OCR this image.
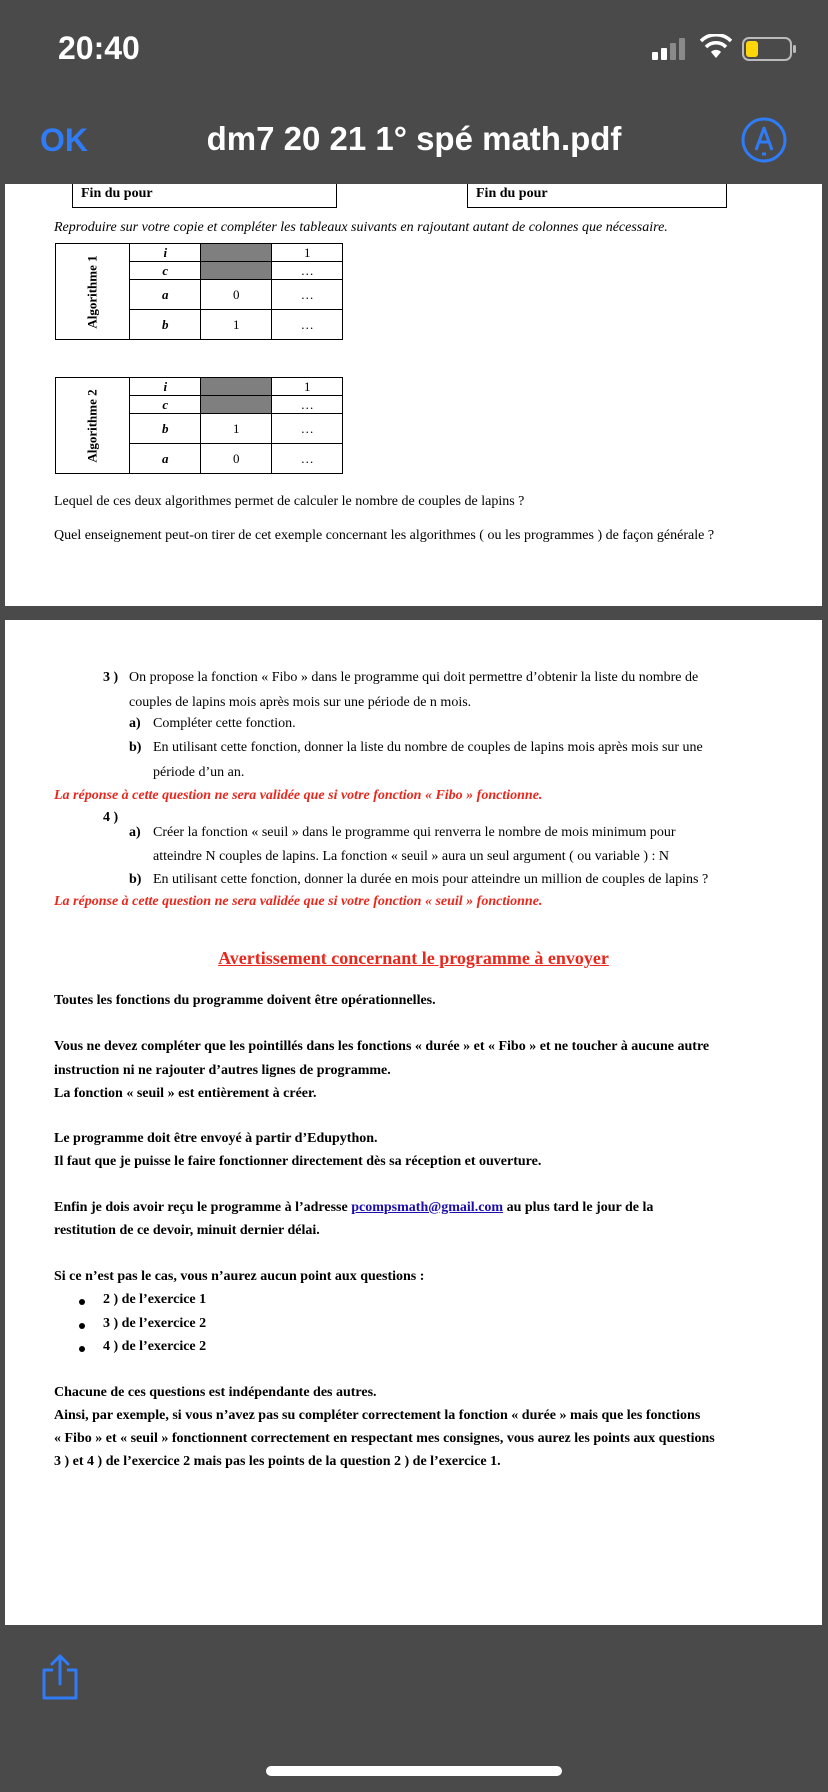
20:40
OK	dm7 20 21 1° spé math.pdf
Fin du pour	Fin du pour
Reproduire sur votre copie et compléter les tableaux suivants en rajoutant autant de colonnes que nécessaire.
Algorithme 1	i		1
	c		…
	a	0	…
	b	1	…
Algorithme 2	i		1
	c		…
	b	1	…
	a	0	…
Lequel de ces deux algorithmes permet de calculer le nombre de couples de lapins ?
Quel enseignement peut-on tirer de cet exemple concernant les algorithmes ( ou les programmes ) de façon générale ?
3 ) On propose la fonction « Fibo » dans le programme qui doit permettre d’obtenir la liste du nombre de
couples de lapins mois après mois sur une période de n mois.
a) Compléter cette fonction.
b) En utilisant cette fonction, donner la liste du nombre de couples de lapins mois après mois sur une
période d’un an.
La réponse à cette question ne sera validée que si votre fonction « Fibo » fonctionne.
4 )
a) Créer la fonction « seuil » dans le programme qui renverra le nombre de mois minimum pour
atteindre N couples de lapins. La fonction « seuil » aura un seul argument ( ou variable ) : N
b) En utilisant cette fonction, donner la durée en mois pour atteindre un million de couples de lapins ?
La réponse à cette question ne sera validée que si votre fonction « seuil » fonctionne.
Avertissement concernant le programme à envoyer
Toutes les fonctions du programme doivent être opérationnelles.
Vous ne devez compléter que les pointillés dans les fonctions « durée » et « Fibo » et ne toucher à aucune autre
instruction ni ne rajouter d’autres lignes de programme.
La fonction « seuil » est entièrement à créer.
Le programme doit être envoyé à partir d’Edupython.
Il faut que je puisse le faire fonctionner directement dès sa réception et ouverture.
Enfin je dois avoir reçu le programme à l’adresse pcompsmath@gmail.com au plus tard le jour de la
restitution de ce devoir, minuit dernier délai.
Si ce n’est pas le cas, vous n’aurez aucun point aux questions :
2 ) de l’exercice 1
3 ) de l’exercice 2
4 ) de l’exercice 2
Chacune de ces questions est indépendante des autres.
Ainsi, par exemple, si vous n’avez pas su compléter correctement la fonction « durée » mais que les fonctions
« Fibo » et « seuil » fonctionnent correctement en respectant mes consignes, vous aurez les points aux questions
3 ) et 4 ) de l’exercice 2 mais pas les points de la question 2 ) de l’exercice 1.
